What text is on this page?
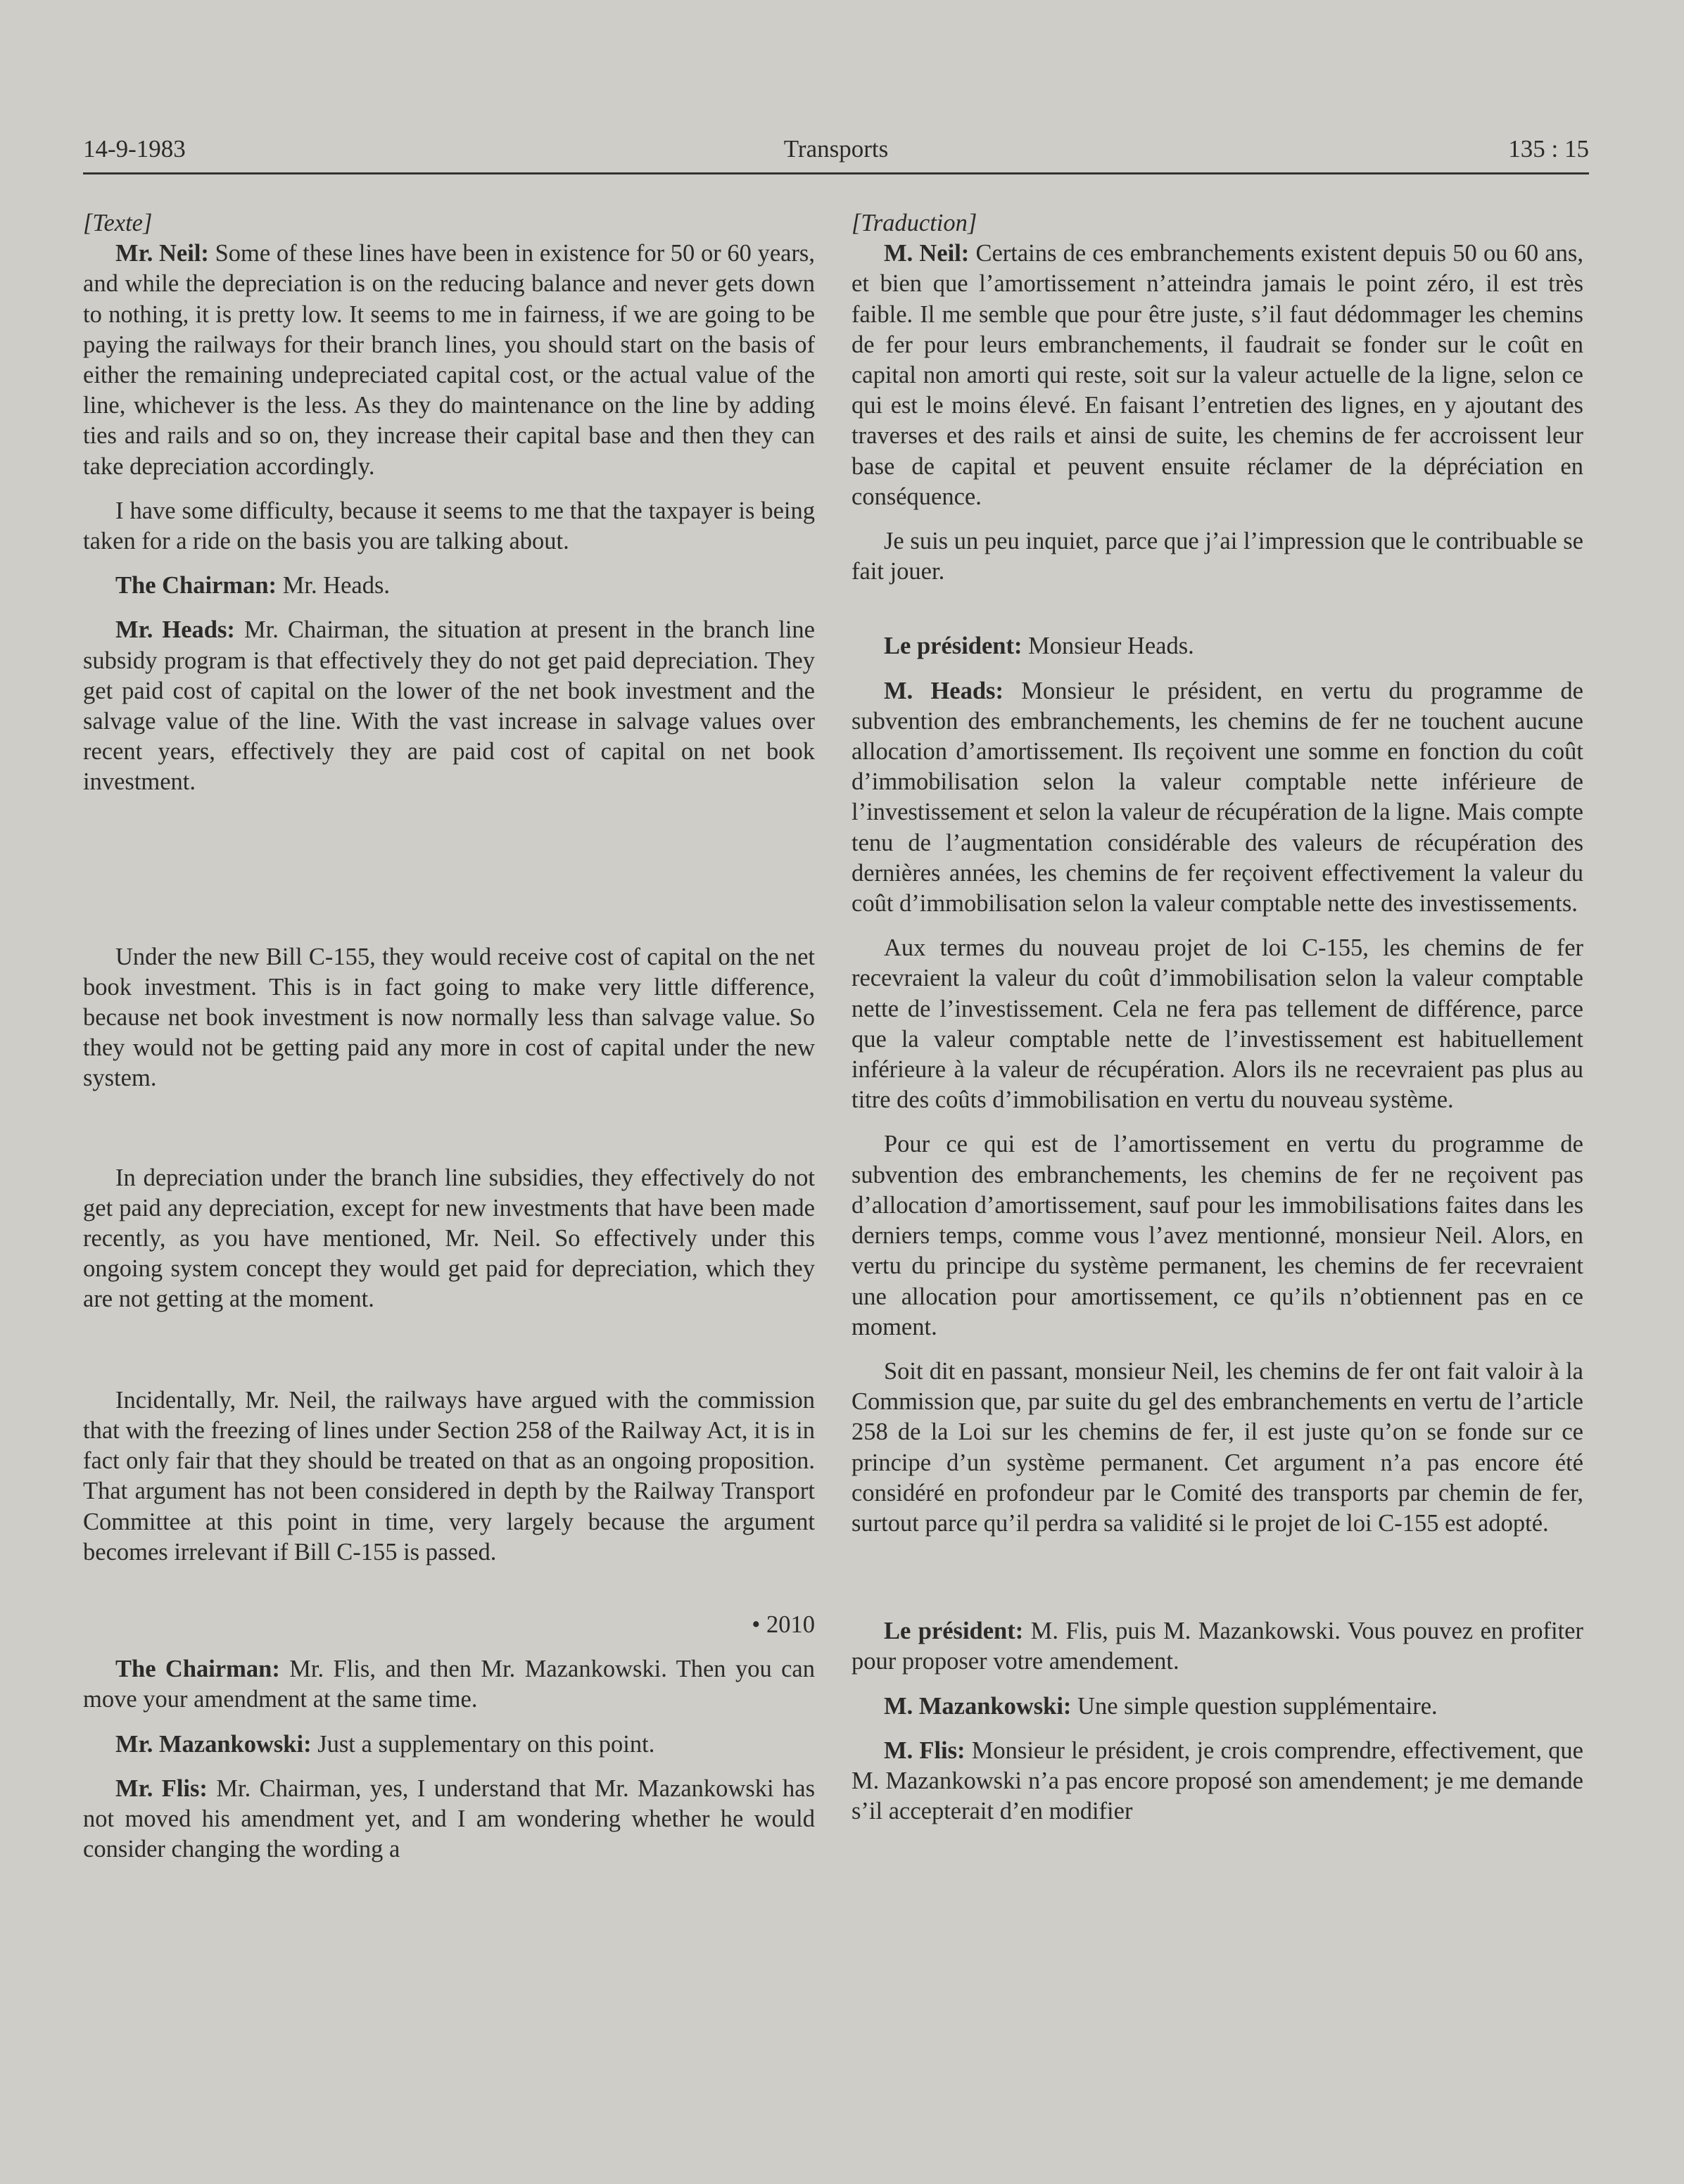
14-9-1983	Transports	135 : 15

[Texte]

Mr. Neil: Some of these lines have been in existence for 50 or 60 years, and while the depreciation is on the reducing balance and never gets down to nothing, it is pretty low. It seems to me in fairness, if we are going to be paying the railways for their branch lines, you should start on the basis of either the remaining undepreciated capital cost, or the actual value of the line, whichever is the less. As they do maintenance on the line by adding ties and rails and so on, they increase their capital base and then they can take depreciation accordingly.

I have some difficulty, because it seems to me that the taxpayer is being taken for a ride on the basis you are talking about.

The Chairman: Mr. Heads.

Mr. Heads: Mr. Chairman, the situation at present in the branch line subsidy program is that effectively they do not get paid depreciation. They get paid cost of capital on the lower of the net book investment and the salvage value of the line. With the vast increase in salvage values over recent years, effectively they are paid cost of capital on net book investment.

Under the new Bill C-155, they would receive cost of capital on the net book investment. This is in fact going to make very little difference, because net book investment is now normally less than salvage value. So they would not be getting paid any more in cost of capital under the new system.

In depreciation under the branch line subsidies, they effectively do not get paid any depreciation, except for new investments that have been made recently, as you have mentioned, Mr. Neil. So effectively under this ongoing system concept they would get paid for depreciation, which they are not getting at the moment.

Incidentally, Mr. Neil, the railways have argued with the commission that with the freezing of lines under Section 258 of the Railway Act, it is in fact only fair that they should be treated on that as an ongoing proposition. That argument has not been considered in depth by the Railway Transport Committee at this point in time, very largely because the argument becomes irrelevant if Bill C-155 is passed.

• 2010

The Chairman: Mr. Flis, and then Mr. Mazankowski. Then you can move your amendment at the same time.

Mr. Mazankowski: Just a supplementary on this point.

Mr. Flis: Mr. Chairman, yes, I understand that Mr. Mazankowski has not moved his amendment yet, and I am wondering whether he would consider changing the wording a

[Traduction]

M. Neil: Certains de ces embranchements existent depuis 50 ou 60 ans, et bien que l’amortissement n’atteindra jamais le point zéro, il est très faible. Il me semble que pour être juste, s’il faut dédommager les chemins de fer pour leurs embranchements, il faudrait se fonder sur le coût en capital non amorti qui reste, soit sur la valeur actuelle de la ligne, selon ce qui est le moins élevé. En faisant l’entretien des lignes, en y ajoutant des traverses et des rails et ainsi de suite, les chemins de fer accroissent leur base de capital et peuvent ensuite réclamer de la dépréciation en conséquence.

Je suis un peu inquiet, parce que j’ai l’impression que le contribuable se fait jouer.

Le président: Monsieur Heads.

M. Heads: Monsieur le président, en vertu du programme de subvention des embranchements, les chemins de fer ne touchent aucune allocation d’amortissement. Ils reçoivent une somme en fonction du coût d’immobilisation selon la valeur comptable nette inférieure de l’investissement et selon la valeur de récupération de la ligne. Mais compte tenu de l’augmentation considérable des valeurs de récupération des dernières années, les chemins de fer reçoivent effectivement la valeur du coût d’immobilisation selon la valeur comptable nette des investissements.

Aux termes du nouveau projet de loi C-155, les chemins de fer recevraient la valeur du coût d’immobilisation selon la valeur comptable nette de l’investissement. Cela ne fera pas tellement de différence, parce que la valeur comptable nette de l’investissement est habituellement inférieure à la valeur de récupération. Alors ils ne recevraient pas plus au titre des coûts d’immobilisation en vertu du nouveau système.

Pour ce qui est de l’amortissement en vertu du programme de subvention des embranchements, les chemins de fer ne reçoivent pas d’allocation d’amortissement, sauf pour les immobilisations faites dans les derniers temps, comme vous l’avez mentionné, monsieur Neil. Alors, en vertu du principe du système permanent, les chemins de fer recevraient une allocation pour amortissement, ce qu’ils n’obtiennent pas en ce moment.

Soit dit en passant, monsieur Neil, les chemins de fer ont fait valoir à la Commission que, par suite du gel des embranchements en vertu de l’article 258 de la Loi sur les chemins de fer, il est juste qu’on se fonde sur ce principe d’un système permanent. Cet argument n’a pas encore été considéré en profondeur par le Comité des transports par chemin de fer, surtout parce qu’il perdra sa validité si le projet de loi C-155 est adopté.

Le président: M. Flis, puis M. Mazankowski. Vous pouvez en profiter pour proposer votre amendement.

M. Mazankowski: Une simple question supplémentaire.

M. Flis: Monsieur le président, je crois comprendre, effectivement, que M. Mazankowski n’a pas encore proposé son amendement; je me demande s’il accepterait d’en modifier
